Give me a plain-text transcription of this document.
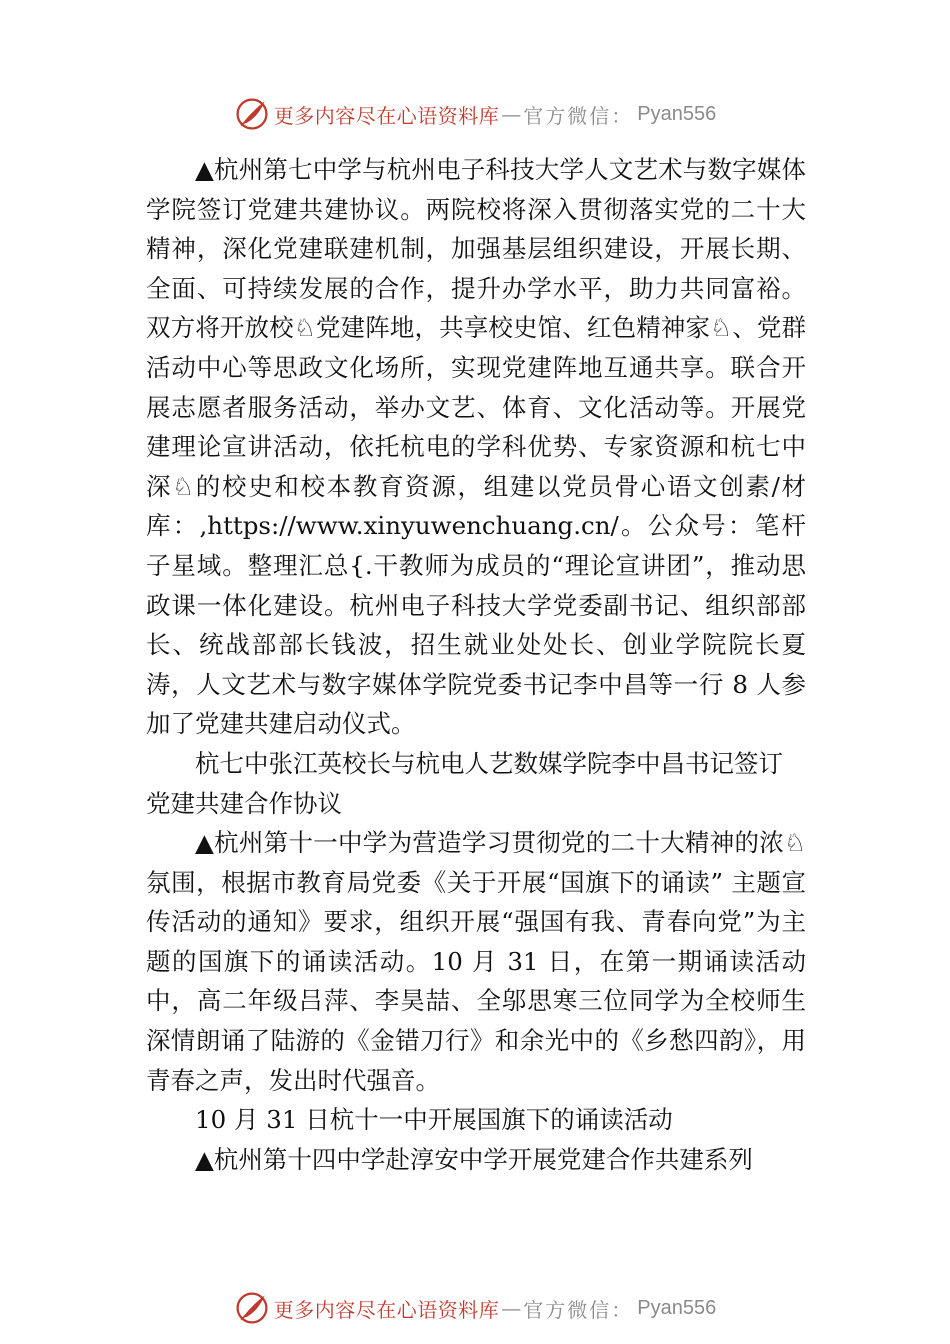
更多内容尽在心语资料库 — 官方微信： Pyan556

▲杭州第七中学与杭州电子科技大学人文艺术与数字媒体学院签订党建共建协议。两院校将深入贯彻落实党的二十大精神，深化党建联建机制，加强基层组织建设，开展长期、全面、可持续发展的合作，提升办学水平，助力共同富裕。双方将开放校♘党建阵地，共享校史馆、红色精神家♘、党群活动中心等思政文化场所，实现党建阵地互通共享。联合开展志愿者服务活动，举办文艺、体育、文化活动等。开展党建理论宣讲活动，依托杭电的学科优势、专家资源和杭七中深♘的校史和校本教育资源，组建以党员骨心语文创素/材库：,https://www.xinyuwenchuang.cn/。公众号：笔杆子星域。整理汇总{.干教师为成员的“理论宣讲团”，推动思政课一体化建设。杭州电子科技大学党委副书记、组织部部长、统战部部长钱波，招生就业处处长、创业学院院长夏涛，人文艺术与数字媒体学院党委书记李中昌等一行 8 人参加了党建共建启动仪式。

杭七中张江英校长与杭电人艺数媒学院李中昌书记签订党建共建合作协议

▲杭州第十一中学为营造学习贯彻党的二十大精神的浓♘氛围，根据市教育局党委《关于开展“国旗下的诵读” 主题宣传活动的通知》要求，组织开展“强国有我、青春向党”为主题的国旗下的诵读活动。10 月 31 日，在第一期诵读活动中，高二年级吕萍、李昊喆、全邬思寒三位同学为全校师生深情朗诵了陆游的《金错刀行》和余光中的《乡愁四韵》，用青春之声，发出时代强音。

10 月 31 日杭十一中开展国旗下的诵读活动

▲杭州第十四中学赴淳安中学开展党建合作共建系列

更多内容尽在心语资料库 — 官方微信： Pyan556
